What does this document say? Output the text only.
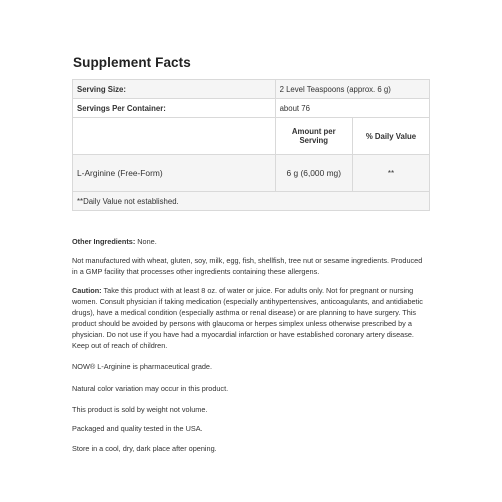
Supplement Facts
Serving Size:	2 Level Teaspoons (approx. 6 g)	
Servings Per Container:	about 76	
	Amount per Serving	% Daily Value
L-Arginine (Free-Form)	6 g (6,000 mg)	**
**Daily Value not established.		

Other Ingredients: None.

Not manufactured with wheat, gluten, soy, milk, egg, fish, shellfish, tree nut or sesame ingredients. Produced in a GMP facility that processes other ingredients containing these allergens.

Caution: Take this product with at least 8 oz. of water or juice. For adults only. Not for pregnant or nursing women. Consult physician if taking medication (especially antihypertensives, anticoagulants, and antidiabetic drugs), have a medical condition (especially asthma or renal disease) or are planning to have surgery. This product should be avoided by persons with glaucoma or herpes simplex unless otherwise prescribed by a physician. Do not use if you have had a myocardial infarction or have established coronary artery disease. Keep out of reach of children.

NOW® L-Arginine is pharmaceutical grade.

Natural color variation may occur in this product.

This product is sold by weight not volume.

Packaged and quality tested in the USA.

Store in a cool, dry, dark place after opening.
